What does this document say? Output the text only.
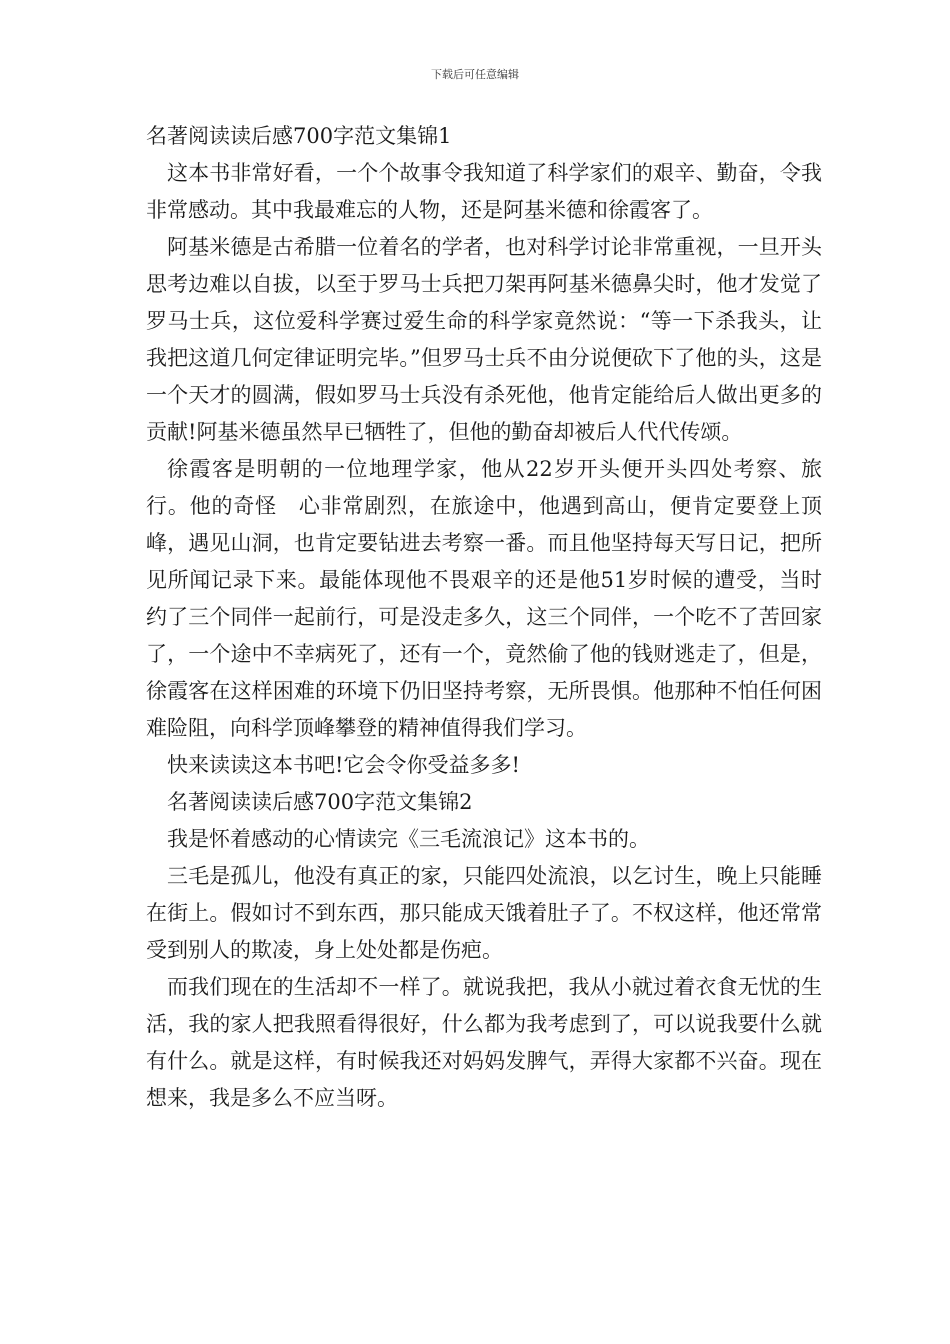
下载后可任意编辑

名著阅读读后感700字范文集锦1

这本书非常好看，一个个故事令我知道了科学家们的艰辛、勤奋，令我非常感动。其中我最难忘的人物，还是阿基米德和徐霞客了。

阿基米德是古希腊一位着名的学者，也对科学讨论非常重视，一旦开头思考边难以自拔，以至于罗马士兵把刀架再阿基米德鼻尖时，他才发觉了罗马士兵，这位爱科学赛过爱生命的科学家竟然说：“等一下杀我头，让我把这道几何定律证明完毕。”但罗马士兵不由分说便砍下了他的头，这是一个天才的圆满，假如罗马士兵没有杀死他，他肯定能给后人做出更多的贡献!阿基米德虽然早已牺牲了，但他的勤奋却被后人代代传颂。

徐霞客是明朝的一位地理学家，他从22岁开头便开头四处考察、旅行。他的奇怪　心非常剧烈，在旅途中，他遇到高山，便肯定要登上顶峰，遇见山洞，也肯定要钻进去考察一番。而且他坚持每天写日记，把所见所闻记录下来。最能体现他不畏艰辛的还是他51岁时候的遭受，当时约了三个同伴一起前行，可是没走多久，这三个同伴，一个吃不了苦回家了，一个途中不幸病死了，还有一个，竟然偷了他的钱财逃走了，但是，徐霞客在这样困难的环境下仍旧坚持考察，无所畏惧。他那种不怕任何困难险阻，向科学顶峰攀登的精神值得我们学习。

快来读读这本书吧!它会令你受益多多!

名著阅读读后感700字范文集锦2

我是怀着感动的心情读完《三毛流浪记》这本书的。

三毛是孤儿，他没有真正的家，只能四处流浪，以乞讨生，晚上只能睡在街上。假如讨不到东西，那只能成天饿着肚子了。不权这样，他还常常受到别人的欺凌，身上处处都是伤疤。

而我们现在的生活却不一样了。就说我把，我从小就过着衣食无忧的生活，我的家人把我照看得很好，什么都为我考虑到了，可以说我要什么就有什么。就是这样，有时候我还对妈妈发脾气，弄得大家都不兴奋。现在想来，我是多么不应当呀。
